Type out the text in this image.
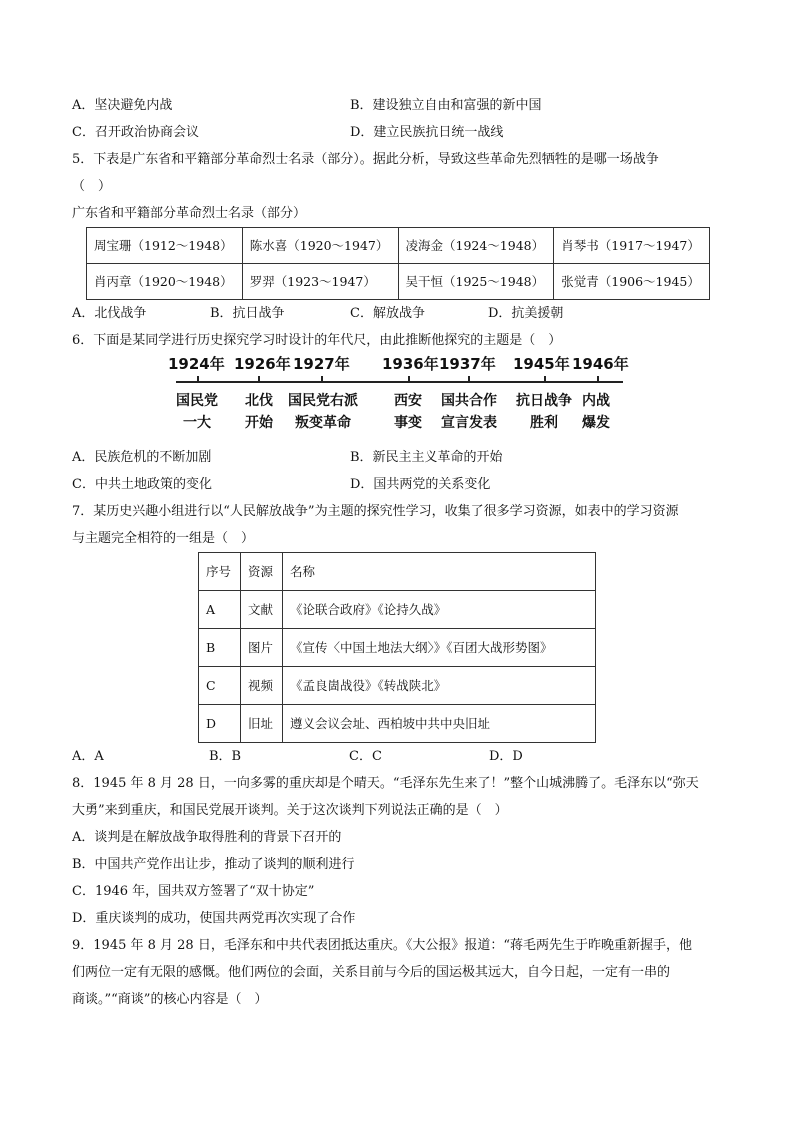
A．坚决避免内战	B．建设独立自由和富强的新中国
C．召开政治协商会议	D．建立民族抗日统一战线

5．下表是广东省和平籍部分革命烈士名录（部分）。据此分析，导致这些革命先烈牺牲的是哪一场战争

（　）

广东省和平籍部分革命烈士名录（部分）

周宝珊（1912～1948）	陈水喜（1920～1947）	凌海金（1924～1948）	肖琴书（1917～1947）
肖丙章（1920～1948）	罗羿（1923～1947）	吴干恒（1925～1948）	张觉青（1906～1945）
A．北伐战争	B．抗日战争	C．解放战争	D．抗美援朝

6．下面是某同学进行历史探究学习时设计的年代尺，由此推断他探究的主题是（　）

1924年 1926年 1927年 1936年 1937年 1945年 1946年
国民党
一大
北伐
开始
国民党右派
叛变革命
西安
事变
国共合作
宣言发表
抗日战争
胜利
内战
爆发
A．民族危机的不断加剧	B．新民主主义革命的开始
C．中共土地政策的变化	D．国共两党的关系变化

7．某历史兴趣小组进行以“人民解放战争”为主题的探究性学习，收集了很多学习资源，如表中的学习资源

与主题完全相符的一组是（　）

序号	资源	名称
A	文献	《论联合政府》《论持久战》
B	图片	《宣传〈中国土地法大纲〉》《百团大战形势图》
C	视频	《孟良崮战役》《转战陕北》
D	旧址	遵义会议会址、西柏坡中共中央旧址
A．A	B．B	C．C	D．D

8．1945 年 8 月 28 日，一向多雾的重庆却是个晴天。“毛泽东先生来了！”整个山城沸腾了。毛泽东以“弥天

大勇”来到重庆，和国民党展开谈判。关于这次谈判下列说法正确的是（　）

A．谈判是在解放战争取得胜利的背景下召开的

B．中国共产党作出让步，推动了谈判的顺利进行

C．1946 年，国共双方签署了“双十协定”

D．重庆谈判的成功，使国共两党再次实现了合作

9．1945 年 8 月 28 日，毛泽东和中共代表团抵达重庆。《大公报》报道：“蒋毛两先生于昨晚重新握手，他

们两位一定有无限的感慨。他们两位的会面，关系目前与今后的国运极其远大，自今日起，一定有一串的

商谈。”“商谈”的核心内容是（　）
